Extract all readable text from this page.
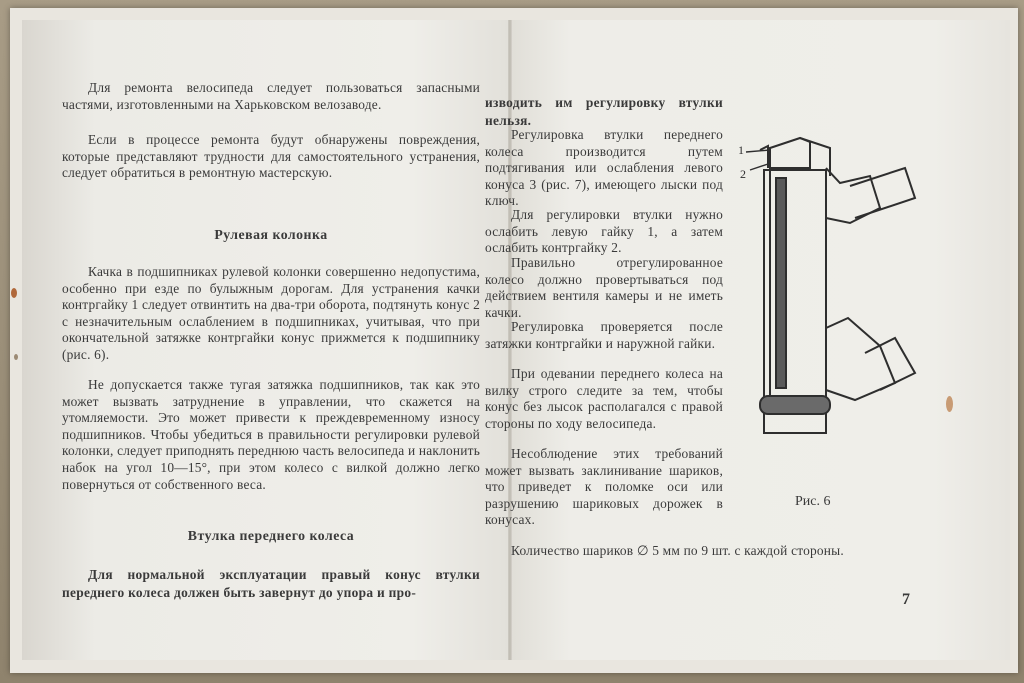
Для ремонта велосипеда следует пользоваться запасными частями, изготовленными на Харьковском велозаводе.

Если в процессе ремонта будут обнаружены повреждения, которые представляют трудности для самостоятельного устранения, следует обратиться в ремонтную мастерскую.

Рулевая колонка

Качка в подшипниках рулевой колонки совершенно недопустима, особенно при езде по булыжным дорогам. Для устранения качки контргайку 1 следует отвинтить на два-три оборота, подтянуть конус 2 с незначительным ослаблением в подшипниках, учитывая, что при окончательной затяжке контргайки конус прижмется к подшипнику (рис. 6).

Не допускается также тугая затяжка подшипников, так как это может вызвать затруднение в управлении, что скажется на утомляемости. Это может привести к преждевременному износу подшипников. Чтобы убедиться в правильности регулировки рулевой колонки, следует приподнять переднюю часть велосипеда и наклонить набок на угол 10—15°, при этом колесо с вилкой должно легко повернуться от собственного веса.

Втулка переднего колеса

Для нормальной эксплуатации правый конус втулки переднего колеса должен быть завернут до упора и про-

изводить им регулировку втулки нельзя.

Регулировка втулки переднего колеса производится путем подтягивания или ослабления левого конуса 3 (рис. 7), имеющего лыски под ключ.

Для регулировки втулки нужно ослабить левую гайку 1, а затем ослабить контргайку 2.

Правильно отрегулированное колесо должно провертываться под действием вентиля камеры и не иметь качки.

Регулировка проверяется после затяжки контргайки и наружной гайки.

При одевании переднего колеса на вилку строго следите за тем, чтобы конус без лысок располагался с правой стороны по ходу велосипеда.

Несоблюдение этих требований может вызвать заклинивание шариков, что приведет к поломке оси или разрушению шариковых дорожек в конусах.

Количество шариков ∅ 5 мм по 9 шт. с каждой стороны.

1
2

Рис. 6

7
